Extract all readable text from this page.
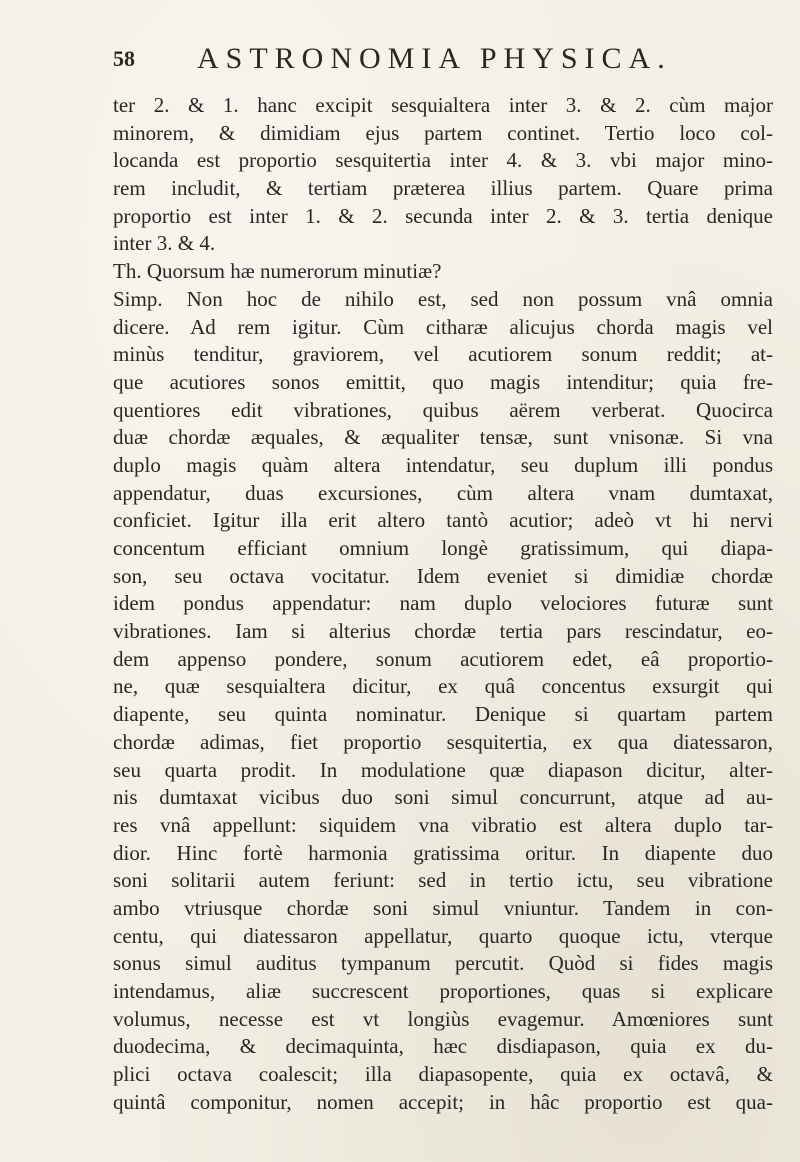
58 ASTRONOMIA PHYSICA.
ter 2. & 1. hanc excipit sesquialtera inter 3. & 2. cùm major
minorem, & dimidiam ejus partem continet. Tertio loco col-
locanda est proportio sesquitertia inter 4. & 3. vbi major mino-
rem includit, & tertiam præterea illius partem. Quare prima
proportio est inter 1. & 2. secunda inter 2. & 3. tertia denique
inter 3. & 4.
Th. Quorsum hæ numerorum minutiæ?
Simp. Non hoc de nihilo est, sed non possum vnâ omnia
dicere. Ad rem igitur. Cùm citharæ alicujus chorda magis vel
minùs tenditur, graviorem, vel acutiorem sonum reddit; at-
que acutiores sonos emittit, quo magis intenditur; quia fre-
quentiores edit vibrationes, quibus aërem verberat. Quocirca
duæ chordæ æquales, & æqualiter tensæ, sunt vnisonæ. Si vna
duplo magis quàm altera intendatur, seu duplum illi pondus
appendatur, duas excursiones, cùm altera vnam dumtaxat,
conficiet. Igitur illa erit altero tantò acutior; adeò vt hi nervi
concentum efficiant omnium longè gratissimum, qui diapa-
son, seu octava vocitatur. Idem eveniet si dimidiæ chordæ
idem pondus appendatur: nam duplo velociores futuræ sunt
vibrationes. Iam si alterius chordæ tertia pars rescindatur, eo-
dem appenso pondere, sonum acutiorem edet, eâ proportio-
ne, quæ sesquialtera dicitur, ex quâ concentus exsurgit qui
diapente, seu quinta nominatur. Denique si quartam partem
chordæ adimas, fiet proportio sesquitertia, ex qua diatessaron,
seu quarta prodit. In modulatione quæ diapason dicitur, alter-
nis dumtaxat vicibus duo soni simul concurrunt, atque ad au-
res vnâ appellunt: siquidem vna vibratio est altera duplo tar-
dior. Hinc fortè harmonia gratissima oritur. In diapente duo
soni solitarii autem feriunt: sed in tertio ictu, seu vibratione
ambo vtriusque chordæ soni simul vniuntur. Tandem in con-
centu, qui diatessaron appellatur, quarto quoque ictu, vterque
sonus simul auditus tympanum percutit. Quòd si fides magis
intendamus, aliæ succrescent proportiones, quas si explicare
volumus, necesse est vt longiùs evagemur. Amœniores sunt
duodecima, & decimaquinta, hæc disdiapason, quia ex du-
plici octava coalescit; illa diapasopente, quia ex octavâ, &
quintâ componitur, nomen accepit; in hâc proportio est qua-
